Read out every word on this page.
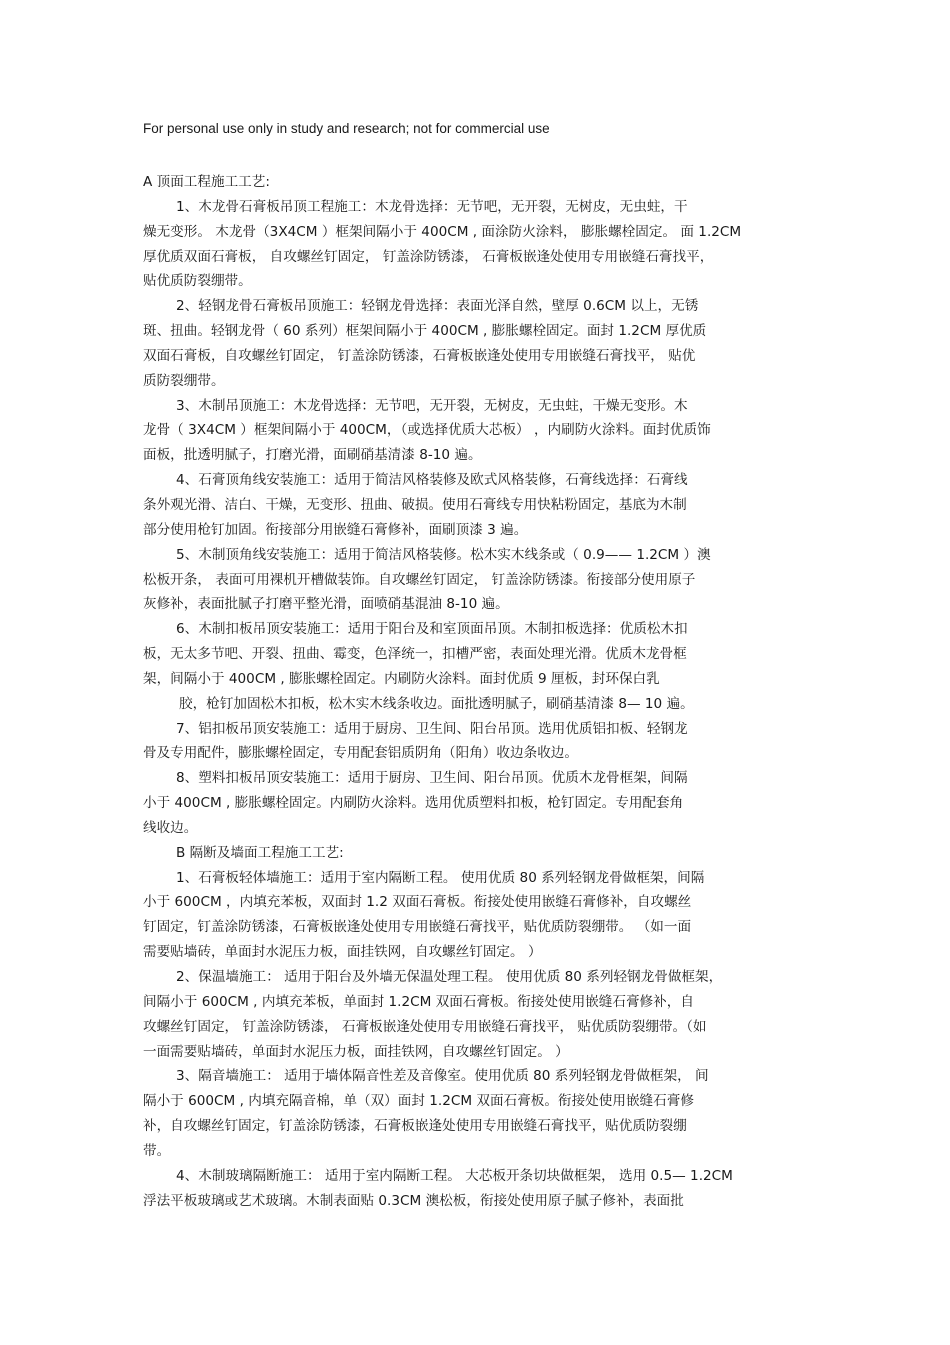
For personal use only in study and research; not for commercial use
A 顶面工程施工工艺:
1、木龙骨石膏板吊顶工程施工：木龙骨选择：无节吧，无开裂，无树皮，无虫蛀，干
燥无变形。 木龙骨（3X4CM ）框架间隔小于 400CM , 面涂防火涂料， 膨胀螺栓固定。 面 1.2CM
厚优质双面石膏板， 自攻螺丝钉固定， 钉盖涂防锈漆， 石膏板嵌逢处使用专用嵌缝石膏找平，
贴优质防裂绷带。
2、轻钢龙骨石膏板吊顶施工：轻钢龙骨选择：表面光泽自然，壁厚 0.6CM 以上，无锈
斑、扭曲。轻钢龙骨（ 60 系列）框架间隔小于 400CM , 膨胀螺栓固定。面封 1.2CM 厚优质
双面石膏板，自攻螺丝钉固定， 钉盖涂防锈漆，石膏板嵌逢处使用专用嵌缝石膏找平， 贴优
质防裂绷带。
3、木制吊顶施工：木龙骨选择：无节吧，无开裂，无树皮，无虫蛀，干燥无变形。木
龙骨（ 3X4CM ）框架间隔小于 400CM，（或选择优质大芯板） ，内刷防火涂料。面封优质饰
面板，批透明腻子，打磨光滑，面刷硝基清漆 8-10 遍。
4、石膏顶角线安装施工：适用于简洁风格装修及欧式风格装修，石膏线选择：石膏线
条外观光滑、洁白、干燥，无变形、扭曲、破损。使用石膏线专用快粘粉固定，基底为木制
部分使用枪钉加固。衔接部分用嵌缝石膏修补，面刷顶漆 3 遍。
5、木制顶角线安装施工：适用于简洁风格装修。松木实木线条或（ 0.9—— 1.2CM ）澳
松板开条， 表面可用裸机开槽做装饰。自攻螺丝钉固定， 钉盖涂防锈漆。衔接部分使用原子
灰修补，表面批腻子打磨平整光滑，面喷硝基混油 8-10 遍。
6、木制扣板吊顶安装施工：适用于阳台及和室顶面吊顶。木制扣板选择：优质松木扣
板，无太多节吧、开裂、扭曲、霉变，色泽统一，扣槽严密，表面处理光滑。优质木龙骨框
架，间隔小于 400CM , 膨胀螺栓固定。内刷防火涂料。面封优质 9 厘板，封环保白乳
胶，枪钉加固松木扣板，松木实木线条收边。面批透明腻子，刷硝基清漆 8— 10 遍。
7、铝扣板吊顶安装施工：适用于厨房、卫生间、阳台吊顶。选用优质铝扣板、轻钢龙
骨及专用配件，膨胀螺栓固定，专用配套铝质阴角（阳角）收边条收边。
8、塑料扣板吊顶安装施工：适用于厨房、卫生间、阳台吊顶。优质木龙骨框架，间隔
小于 400CM , 膨胀螺栓固定。内刷防火涂料。选用优质塑料扣板，枪钉固定。专用配套角
线收边。
B 隔断及墙面工程施工工艺:
1、石膏板轻体墙施工：适用于室内隔断工程。 使用优质 80 系列轻钢龙骨做框架，间隔
小于 600CM ，内填充苯板，双面封 1.2 双面石膏板。衔接处使用嵌缝石膏修补，自攻螺丝
钉固定，钉盖涂防锈漆，石膏板嵌逢处使用专用嵌缝石膏找平，贴优质防裂绷带。 （如一面
需要贴墙砖，单面封水泥压力板，面挂铁网，自攻螺丝钉固定。 ）
2、保温墙施工： 适用于阳台及外墙无保温处理工程。 使用优质 80 系列轻钢龙骨做框架，
间隔小于 600CM , 内填充苯板，单面封 1.2CM 双面石膏板。衔接处使用嵌缝石膏修补，自
攻螺丝钉固定， 钉盖涂防锈漆， 石膏板嵌逢处使用专用嵌缝石膏找平， 贴优质防裂绷带。（如
一面需要贴墙砖，单面封水泥压力板，面挂铁网，自攻螺丝钉固定。 ）
3、隔音墙施工： 适用于墙体隔音性差及音像室。使用优质 80 系列轻钢龙骨做框架， 间
隔小于 600CM , 内填充隔音棉，单（双）面封 1.2CM 双面石膏板。衔接处使用嵌缝石膏修
补，自攻螺丝钉固定，钉盖涂防锈漆，石膏板嵌逢处使用专用嵌缝石膏找平，贴优质防裂绷
带。
4、木制玻璃隔断施工： 适用于室内隔断工程。 大芯板开条切块做框架， 选用 0.5— 1.2CM
浮法平板玻璃或艺术玻璃。木制表面贴 0.3CM 澳松板，衔接处使用原子腻子修补，表面批
